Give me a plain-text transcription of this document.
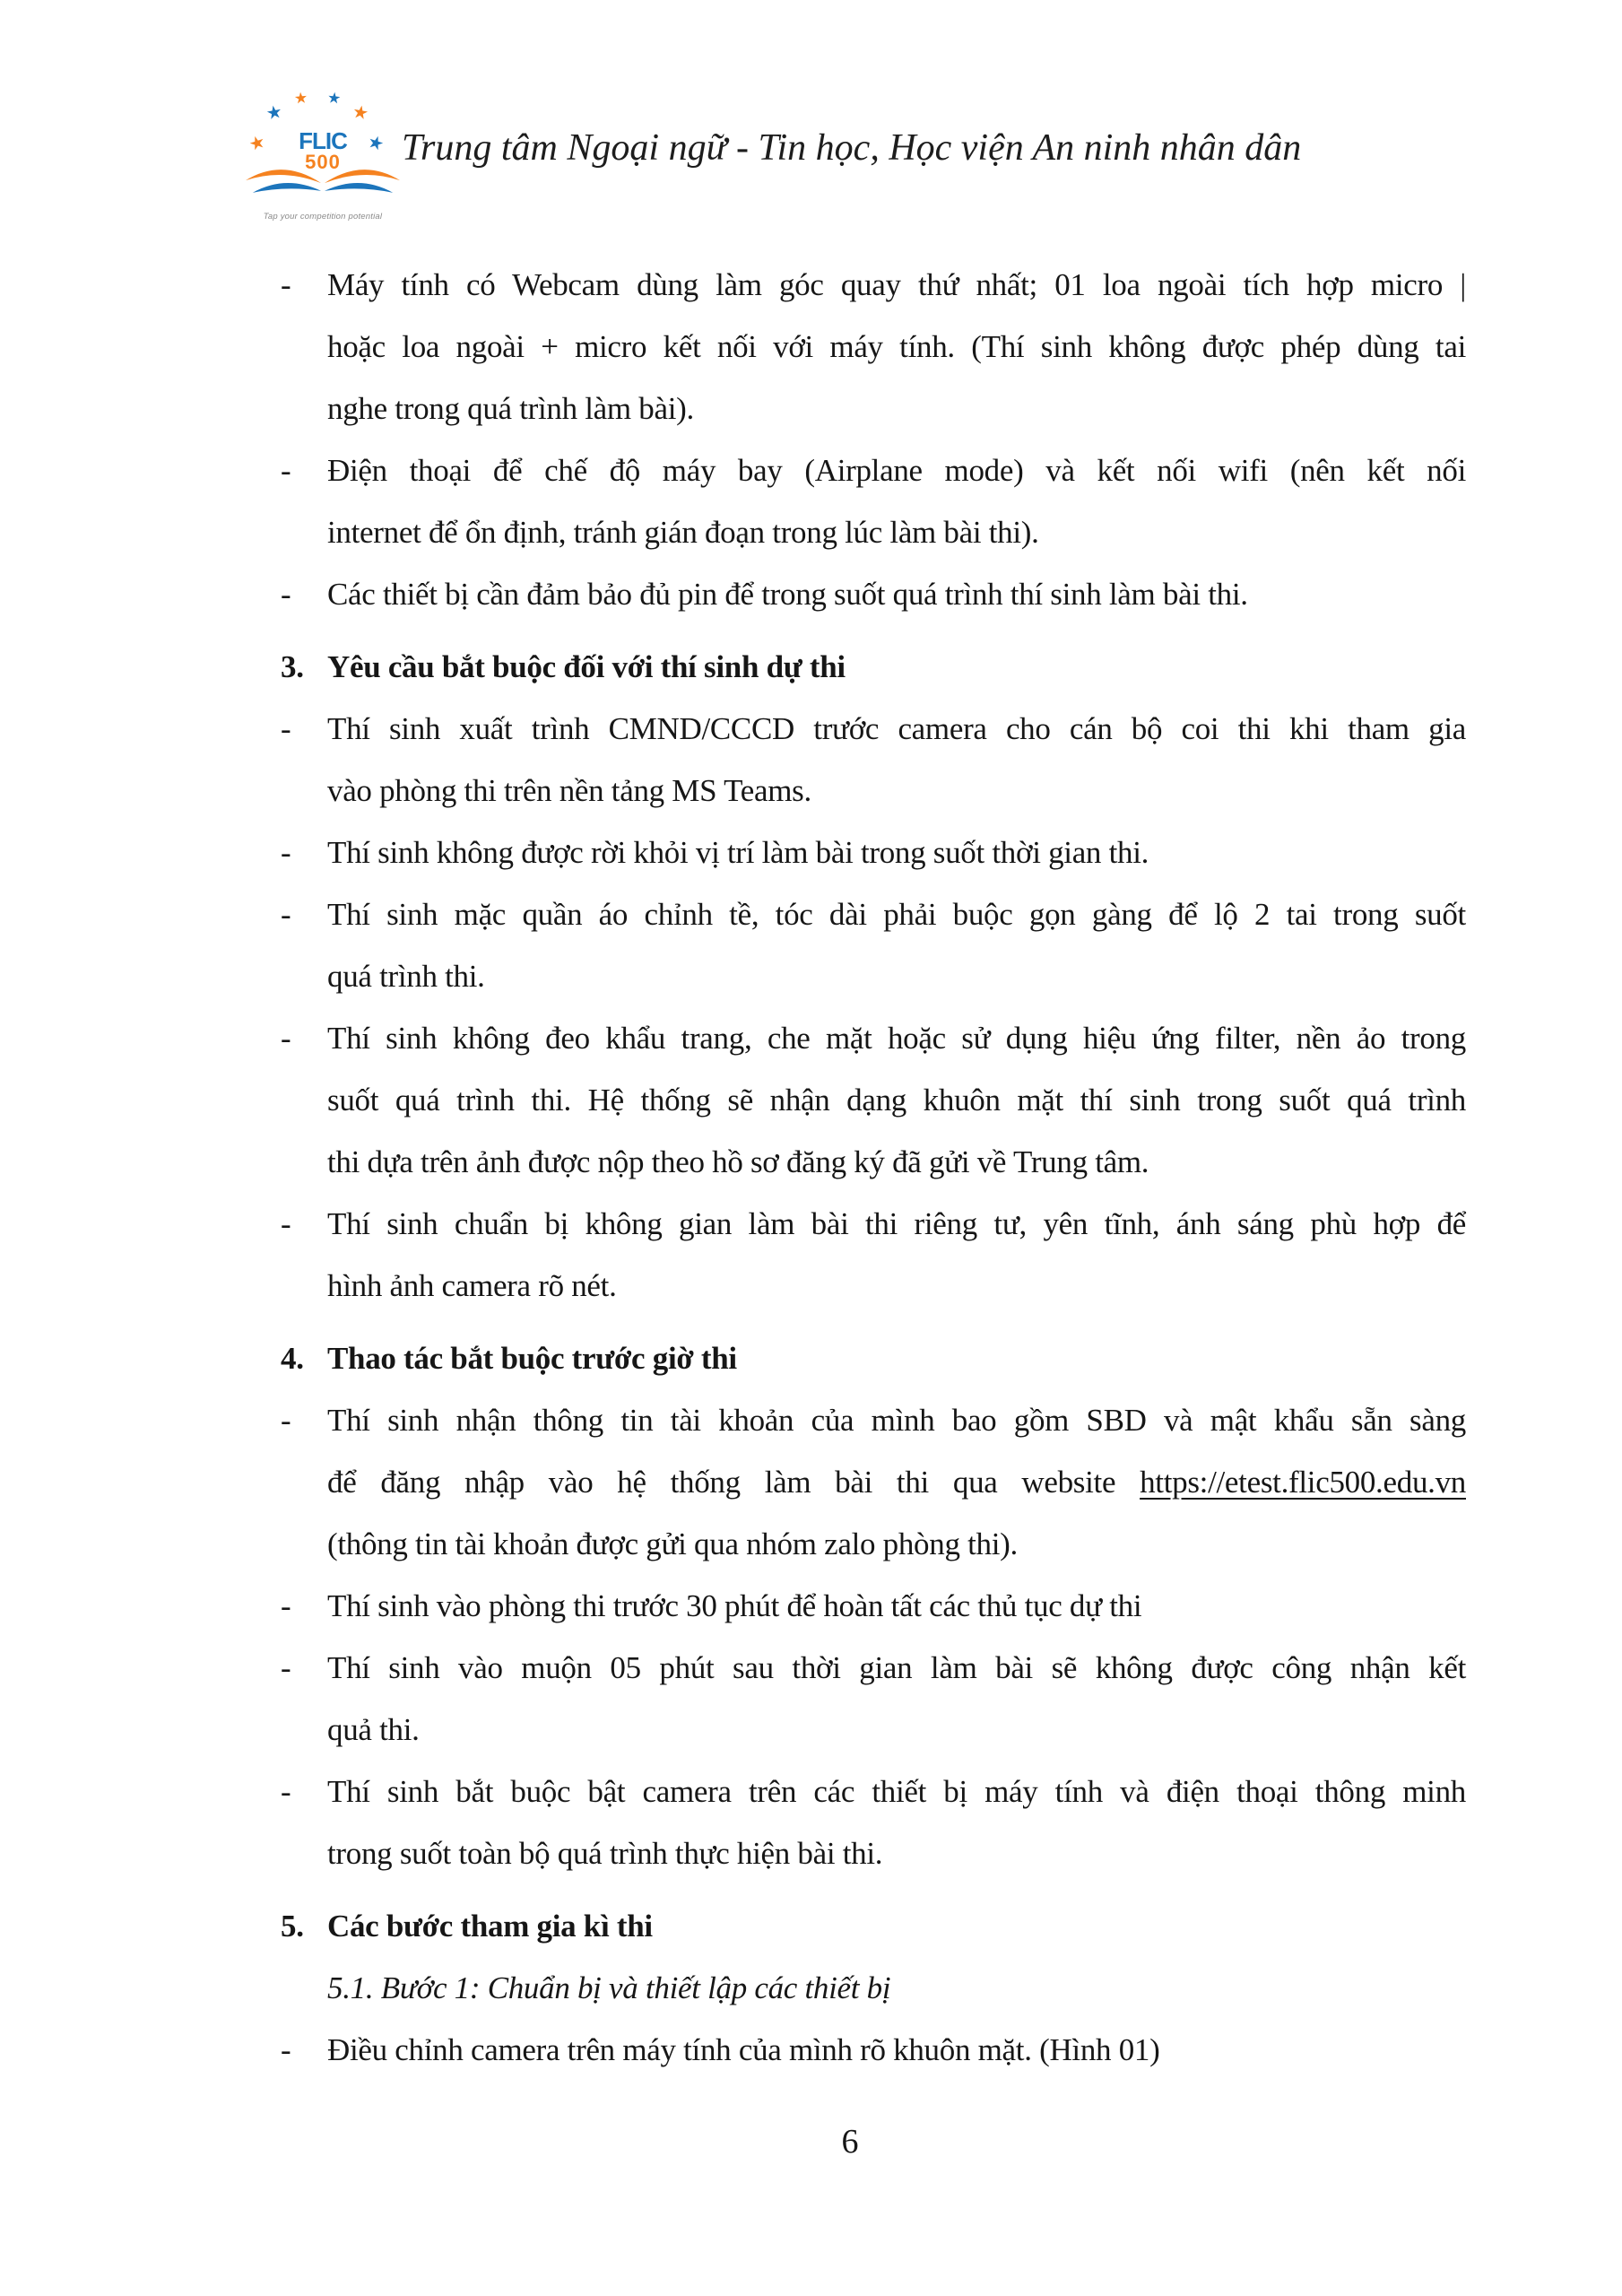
★
★
★ ★
★
★
FLIC
500
Tap your competition potential
Trung tâm Ngoại ngữ - Tin học, Học viện An ninh nhân dân
- Máy tính có Webcam dùng làm góc quay thứ nhất; 01 loa ngoài tích hợp micro |
hoặc loa ngoài + micro kết nối với máy tính. (Thí sinh không được phép dùng tai
nghe trong quá trình làm bài).
- Điện thoại để chế độ máy bay (Airplane mode) và kết nối wifi (nên kết nối
internet để ổn định, tránh gián đoạn trong lúc làm bài thi).
- Các thiết bị cần đảm bảo đủ pin để trong suốt quá trình thí sinh làm bài thi.
3. Yêu cầu bắt buộc đối với thí sinh dự thi
- Thí sinh xuất trình CMND/CCCD trước camera cho cán bộ coi thi khi tham gia
vào phòng thi trên nền tảng MS Teams.
- Thí sinh không được rời khỏi vị trí làm bài trong suốt thời gian thi.
- Thí sinh mặc quần áo chỉnh tề, tóc dài phải buộc gọn gàng để lộ 2 tai trong suốt
quá trình thi.
- Thí sinh không đeo khẩu trang, che mặt hoặc sử dụng hiệu ứng filter, nền ảo trong
suốt quá trình thi. Hệ thống sẽ nhận dạng khuôn mặt thí sinh trong suốt quá trình
thi dựa trên ảnh được nộp theo hồ sơ đăng ký đã gửi về Trung tâm.
- Thí sinh chuẩn bị không gian làm bài thi riêng tư, yên tĩnh, ánh sáng phù hợp để
hình ảnh camera rõ nét.
4. Thao tác bắt buộc trước giờ thi
- Thí sinh nhận thông tin tài khoản của mình bao gồm SBD và mật khẩu sẵn sàng
để đăng nhập vào hệ thống làm bài thi qua website https://etest.flic500.edu.vn
(thông tin tài khoản được gửi qua nhóm zalo phòng thi).
- Thí sinh vào phòng thi trước 30 phút để hoàn tất các thủ tục dự thi
- Thí sinh vào muộn 05 phút sau thời gian làm bài sẽ không được công nhận kết
quả thi.
- Thí sinh bắt buộc bật camera trên các thiết bị máy tính và điện thoại thông minh
trong suốt toàn bộ quá trình thực hiện bài thi.
5. Các bước tham gia kì thi
5.1. Bước 1: Chuẩn bị và thiết lập các thiết bị
- Điều chỉnh camera trên máy tính của mình rõ khuôn mặt. (Hình 01)
6
